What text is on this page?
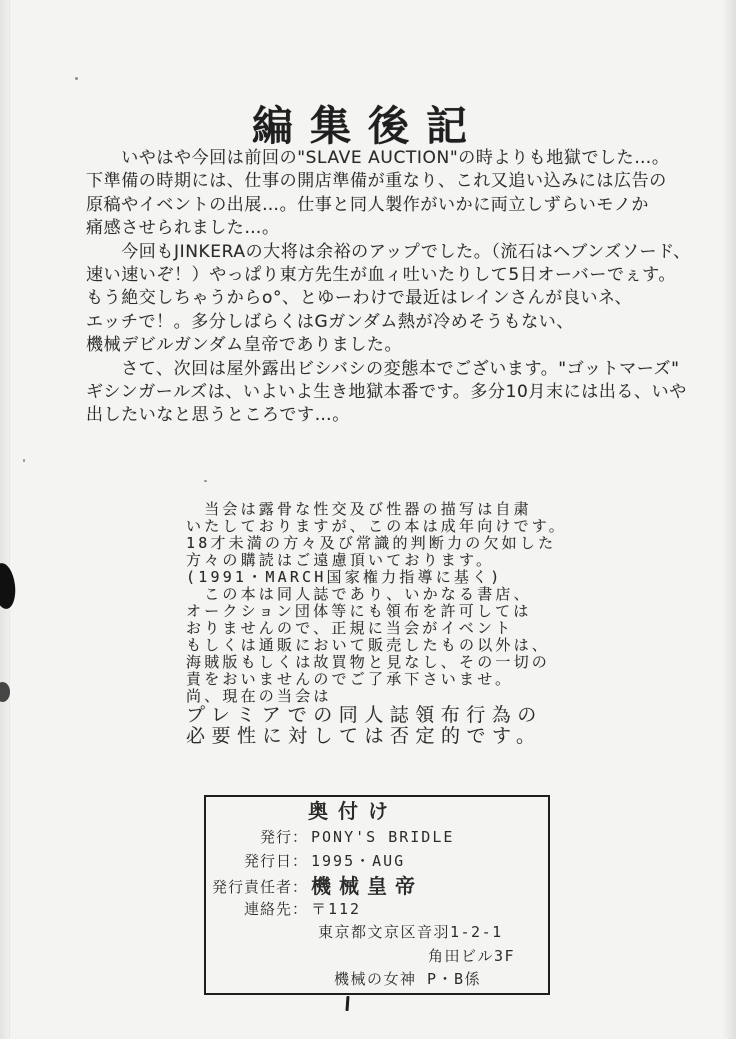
編集後記
　　いやはや今回は前回の"SLAVE AUCTION"の時よりも地獄でした…。
下準備の時期には、仕事の開店準備が重なり、これ又追い込みには広告の
原稿やイベントの出展…。仕事と同人製作がいかに両立しずらいモノか
痛感させられました…。
　　今回もJINKERAの大将は余裕のアップでした。（流石はヘブンズソード、
速い速いぞ！）やっぱり東方先生が血ィ吐いたりして5日オーバーでぇす。
もう絶交しちゃうからo°、とゆーわけで最近はレインさんが良いネ、
エッチで！。多分しばらくはGガンダム熱が冷めそうもない、
機械デビルガンダム皇帝でありました。
　　さて、次回は屋外露出ビシバシの変態本でございます。"ゴットマーズ"
ギシンガールズは、いよいよ生き地獄本番です。多分10月末には出る、いや
出したいなと思うところです…。
　当会は露骨な性交及び性器の描写は自粛
いたしておりますが、この本は成年向けです。
18才未満の方々及び常識的判断力の欠如した
方々の購読はご遠慮頂いております。
(1991・MARCH国家権力指導に基く)
　この本は同人誌であり、いかなる書店、
オークション団体等にも領布を許可しては
おりませんので、正規に当会がイベント
もしくは通販において販売したもの以外は、
海賊版もしくは故買物と見なし、その一切の
責をおいませんのでご了承下さいませ。
尚、現在の当会は
プレミアでの同人誌領布行為の
必要性に対しては否定的です。
奥付け
発行： PONY'S BRIDLE
発行日： 1995・AUG
発行責任者： 機械皇帝
連絡先： 〒112
東京都文京区音羽1-2-1
角田ビル3F
機械の女神 P・B係
